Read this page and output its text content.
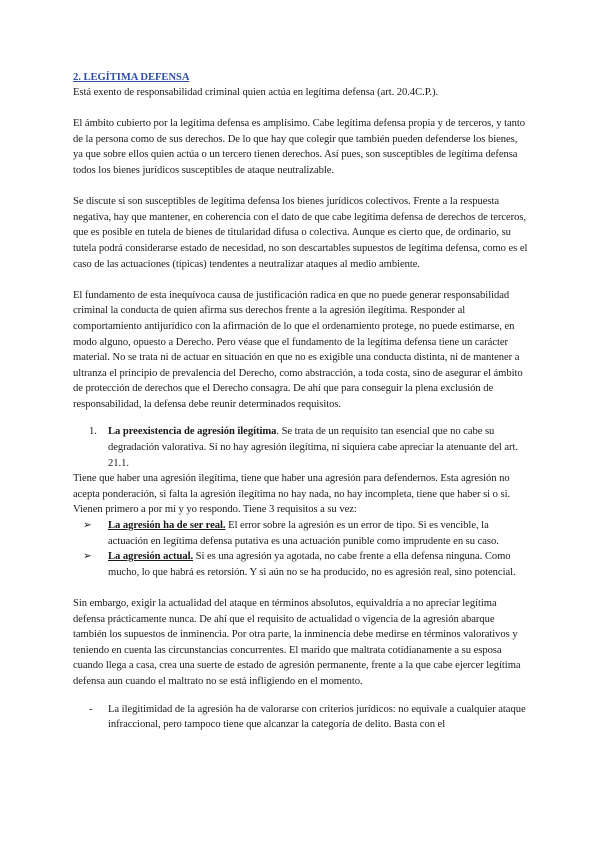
2. LEGÍTIMA DEFENSA

Está exento de responsabilidad criminal quien actúa en legítima defensa (art. 20.4C.P.).

El ámbito cubierto por la legítima defensa es amplísimo. Cabe legítima defensa propia y de terceros, y tanto de la persona como de sus derechos. De lo que hay que colegir que también pueden defenderse los bienes, ya que sobre ellos quien actúa o un tercero tienen derechos. Así pues, son susceptibles de legítima defensa todos los bienes jurídicos susceptibles de ataque neutralizable.

Se discute si son susceptibles de legítima defensa los bienes jurídicos colectivos. Frente a la respuesta negativa, hay que mantener, en coherencia con el dato de que cabe legítima defensa de derechos de terceros, que es posible en tutela de bienes de titularidad difusa o colectiva. Aunque es cierto que, de ordinario, su tutela podrá considerarse estado de necesidad, no son descartables supuestos de legítima defensa, como es el caso de las actuaciones (típicas) tendentes a neutralizar ataques al medio ambiente.

El fundamento de esta inequívoca causa de justificación radica en que no puede generar responsabilidad criminal la conducta de quien afirma sus derechos frente a la agresión ilegítima. Responder al comportamiento antijurídico con la afirmación de lo que el ordenamiento protege, no puede estimarse, en modo alguno, opuesto a Derecho. Pero véase que el fundamento de la legítima defensa tiene un carácter material. No se trata ni de actuar en situación en que no es exigible una conducta distinta, ni de mantener a ultranza el principio de prevalencia del Derecho, como abstracción, a toda costa, sino de asegurar el ámbito de protección de derechos que el Derecho consagra. De ahí que para conseguir la plena exclusión de responsabilidad, la defensa debe reunir determinados requisitos.

1.	La preexistencia de agresión ilegítima. Se trata de un requisito tan esencial que no cabe su degradación valorativa. Si no hay agresión ilegítima, ni siquiera cabe apreciar la atenuante del art. 21.1.

Tiene que haber una agresión ilegítima, tiene que haber una agresión para defendernos. Esta agresión no acepta ponderación, si falta la agresión ilegítima no hay nada, no hay incompleta, tiene que haber si o si. Vienen primero a por mí y yo respondo. Tiene 3 requisitos a su vez:

➢ La agresión ha de ser real. El error sobre la agresión es un error de tipo. Si es vencible, la actuación en legítima defensa putativa es una actuación punible como imprudente en su caso.
➢ La agresión actual. Si es una agresión ya agotada, no cabe frente a ella defensa ninguna. Como mucho, lo que habrá es retorsión. Y si aún no se ha producido, no es agresión real, sino potencial.

Sin embargo, exigir la actualidad del ataque en términos absolutos, equivaldría a no apreciar legítima defensa prácticamente nunca. De ahí que el requisito de actualidad o vigencia de la agresión abarque también los supuestos de inminencia. Por otra parte, la inminencia debe medirse en términos valorativos y teniendo en cuenta las circunstancias concurrentes. El marido que maltrata cotidianamente a su esposa cuando llega a casa, crea una suerte de estado de agresión permanente, frente a la que cabe ejercer legítima defensa aun cuando el maltrato no se está infligiendo en el momento.

- La ilegitimidad de la agresión ha de valorarse con criterios jurídicos: no equivale a cualquier ataque infraccional, pero tampoco tiene que alcanzar la categoría de delito. Basta con el
